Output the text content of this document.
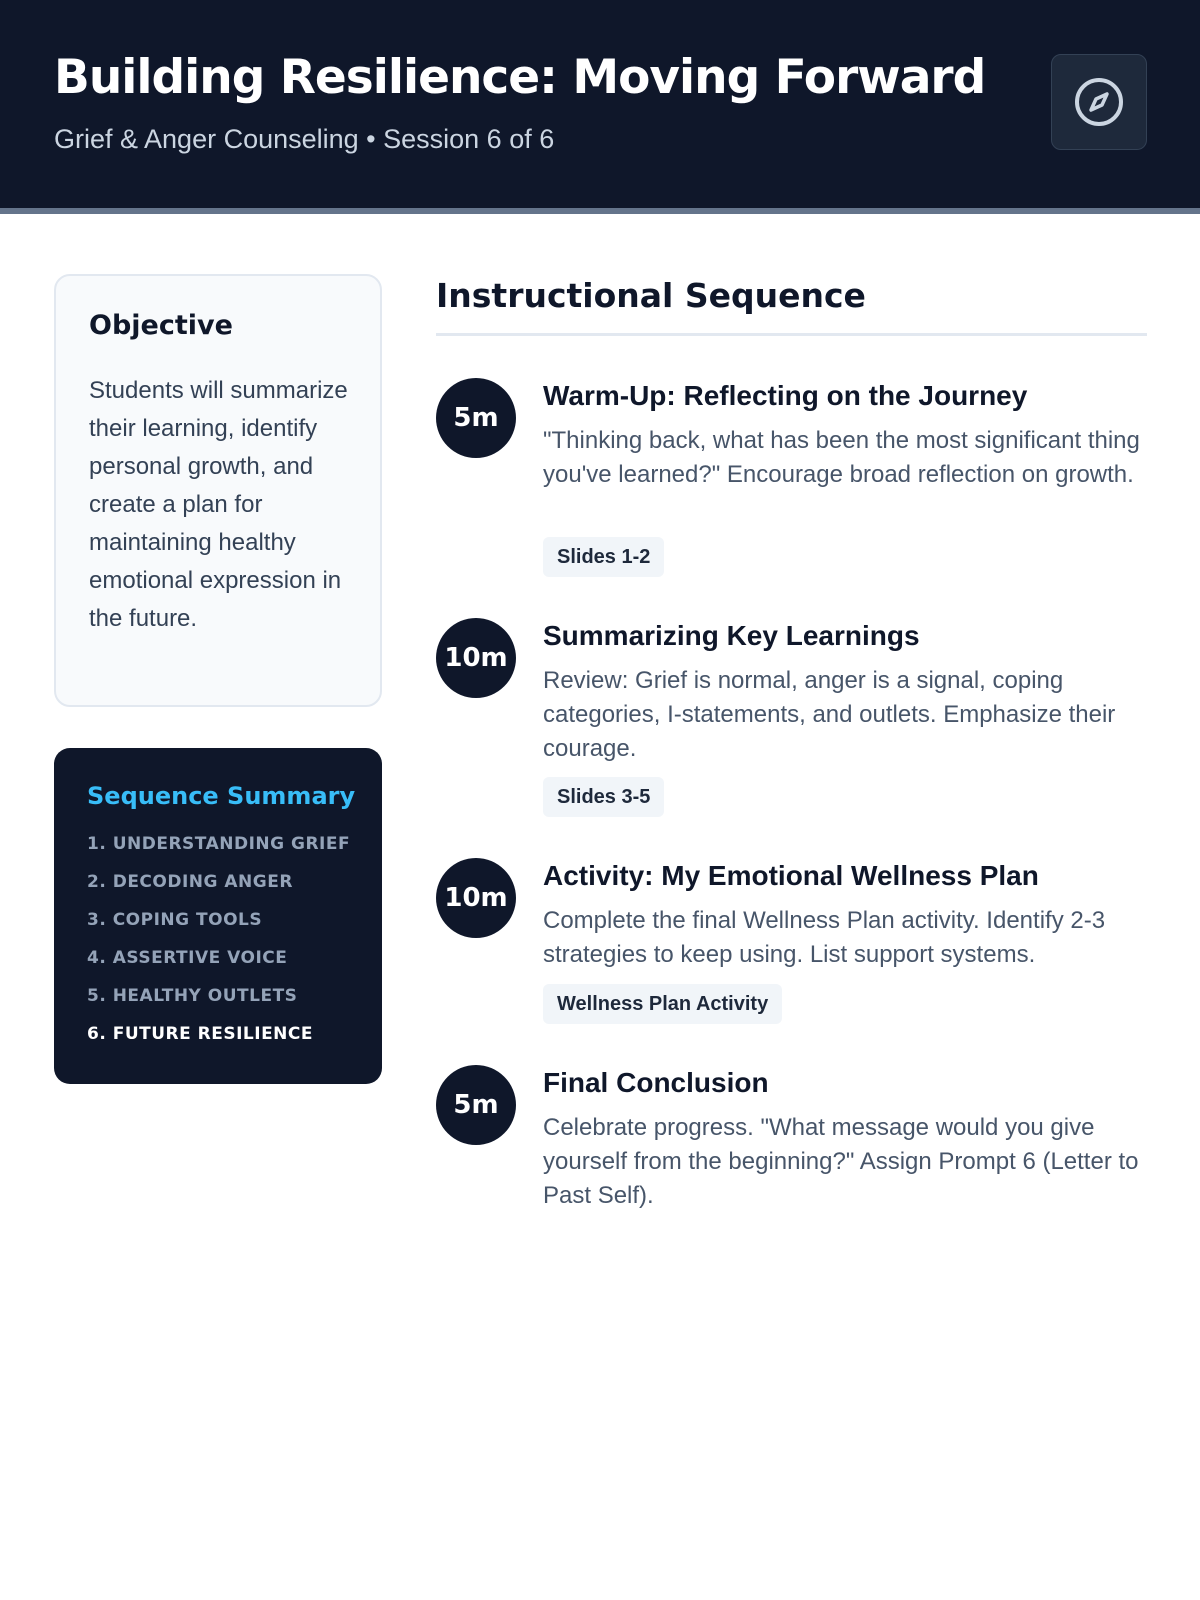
Building Resilience: Moving Forward
Grief & Anger Counseling • Session 6 of 6
Objective

Students will summarize their learning, identify personal growth, and create a plan for maintaining healthy emotional expression in the future.

Sequence Summary
1. UNDERSTANDING GRIEF
2. DECODING ANGER
3. COPING TOOLS
4. ASSERTIVE VOICE
5. HEALTHY OUTLETS
6. FUTURE RESILIENCE
Instructional Sequence
5m
Warm-Up: Reflecting on the Journey

"Thinking back, what has been the most significant thing you've learned?" Encourage broad reflection on growth.

Slides 1-2
10m
Summarizing Key Learnings

Review: Grief is normal, anger is a signal, coping categories, I-statements, and outlets. Emphasize their courage.

Slides 3-5
10m
Activity: My Emotional Wellness Plan

Complete the final Wellness Plan activity. Identify 2-3 strategies to keep using. List support systems.

Wellness Plan Activity
5m
Final Conclusion

Celebrate progress. "What message would you give yourself from the beginning?" Assign Prompt 6 (Letter to Past Self).
